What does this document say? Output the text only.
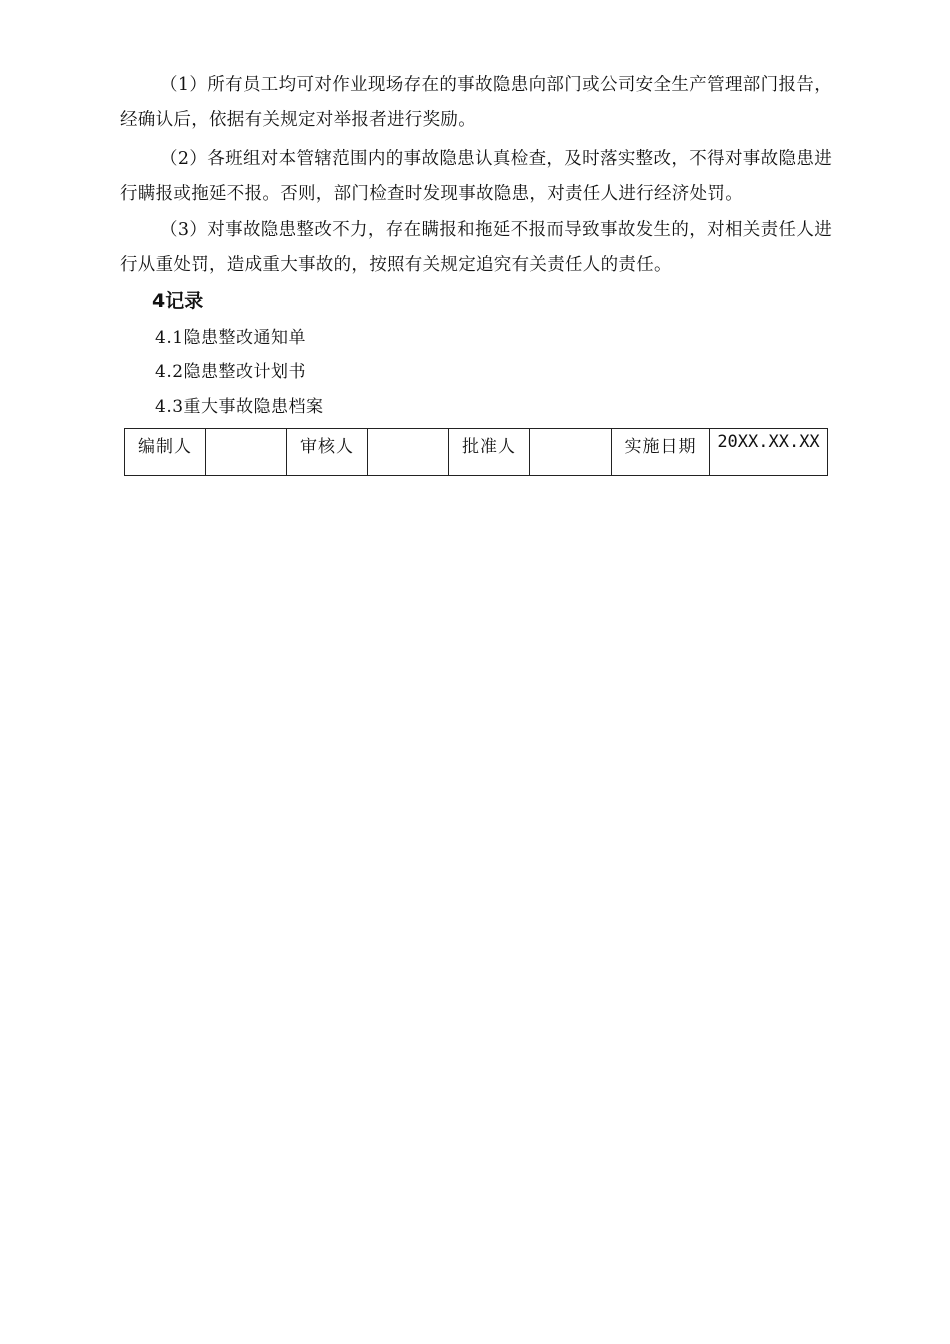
（1）所有员工均可对作业现场存在的事故隐患向部门或公司安全生产管理部门报告，经确认后，依据有关规定对举报者进行奖励。

（2）各班组对本管辖范围内的事故隐患认真检查，及时落实整改，不得对事故隐患进行瞒报或拖延不报。否则，部门检查时发现事故隐患，对责任人进行经济处罚。

（3）对事故隐患整改不力，存在瞒报和拖延不报而导致事故发生的，对相关责任人进行从重处罚，造成重大事故的，按照有关规定追究有关责任人的责任。

4记录
4.1隐患整改通知单
4.2隐患整改计划书
4.3重大事故隐患档案
编制人		审核人		批准人		实施日期	20XX.XX.XX
